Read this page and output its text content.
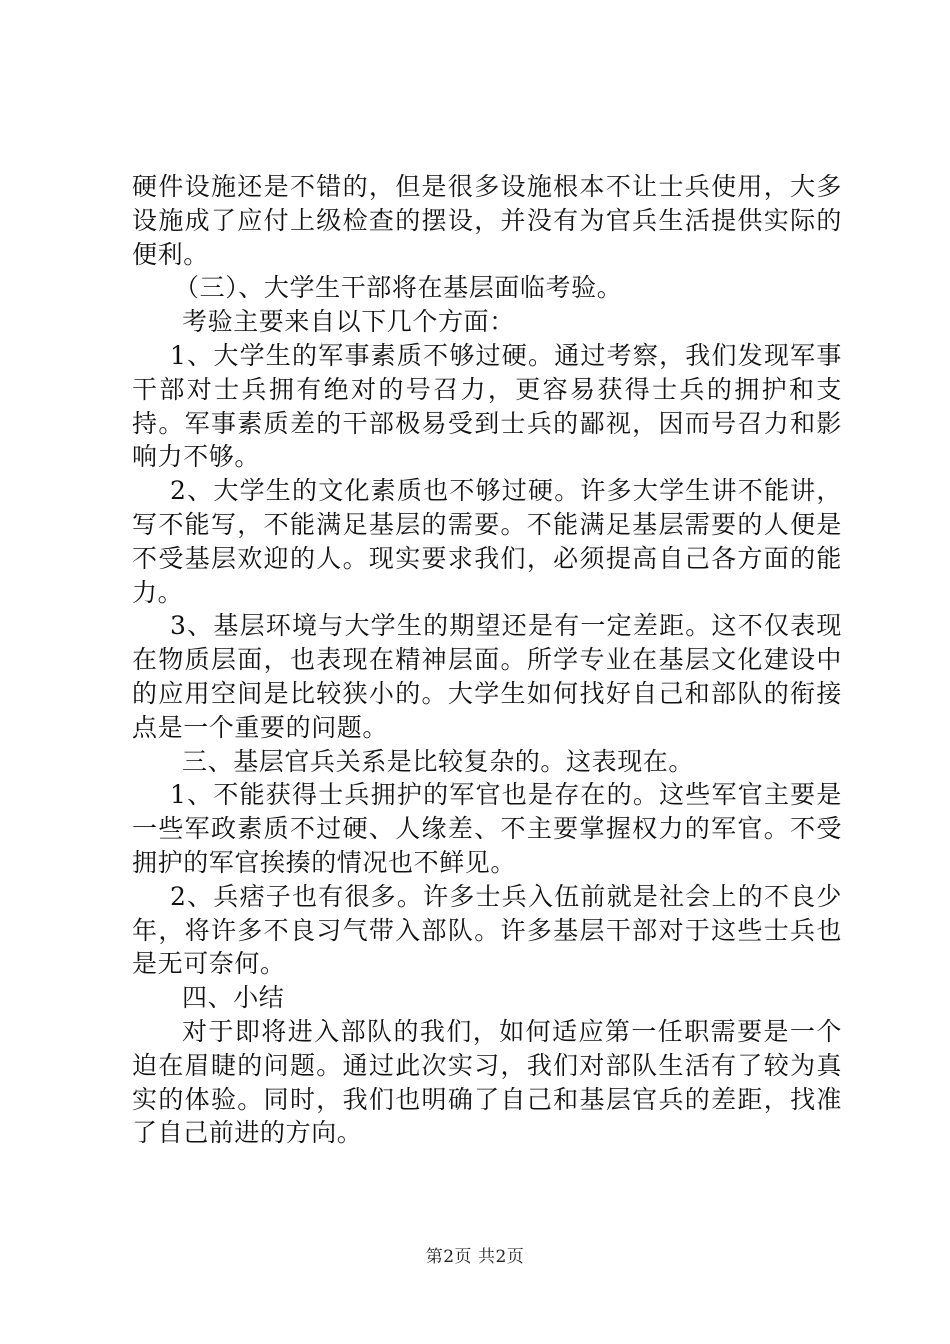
硬件设施还是不错的，但是很多设施根本不让士兵使用，大多设施成了应付上级检查的摆设，并没有为官兵生活提供实际的便利。

（三）、大学生干部将在基层面临考验。

考验主要来自以下几个方面：

1、大学生的军事素质不够过硬。通过考察，我们发现军事干部对士兵拥有绝对的号召力，更容易获得士兵的拥护和支持。军事素质差的干部极易受到士兵的鄙视，因而号召力和影响力不够。

2、大学生的文化素质也不够过硬。许多大学生讲不能讲，写不能写，不能满足基层的需要。不能满足基层需要的人便是不受基层欢迎的人。现实要求我们，必须提高自己各方面的能力。

3、基层环境与大学生的期望还是有一定差距。这不仅表现在物质层面，也表现在精神层面。所学专业在基层文化建设中的应用空间是比较狭小的。大学生如何找好自己和部队的衔接点是一个重要的问题。

三、基层官兵关系是比较复杂的。这表现在。

1、不能获得士兵拥护的军官也是存在的。这些军官主要是一些军政素质不过硬、人缘差、不主要掌握权力的军官。不受拥护的军官挨揍的情况也不鲜见。

2、兵痞子也有很多。许多士兵入伍前就是社会上的不良少年，将许多不良习气带入部队。许多基层干部对于这些士兵也是无可奈何。

四、小结

对于即将进入部队的我们，如何适应第一任职需要是一个迫在眉睫的问题。通过此次实习，我们对部队生活有了较为真实的体验。同时，我们也明确了自己和基层官兵的差距，找准了自己前进的方向。

第2页 共2页
